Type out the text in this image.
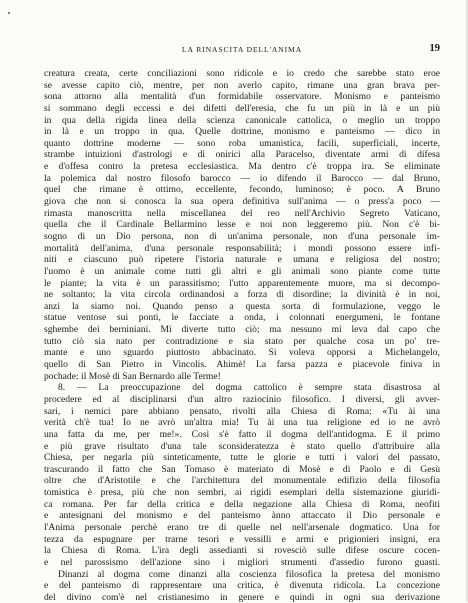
LA RINASCITA DELL'ANIMA	19
creatura creata, certe conciliazioni sono ridicole e io credo che sarebbe stato eroe
se avesse capito ciò, mentre, per non averlo capito, rimane una gran brava per-
sona attorno alla mentalità d'un formidabile osservatore. Monismo e panteismo
si sommano degli eccessi e dei difetti dell'eresia, che fu un più in là e un più
in qua della rigida linea della scienza canonicale cattolica, o meglio un troppo
in là e un troppo in qua. Quelle dottrine, monismo e panteismo — dico in
quanto dottrine moderne — sono roba umanistica, facili, superficiali, incerte,
strambe intuizioni d'astrologi e di onirici alla Paracelso, diventate armi di difesa
e d'offesa contro la pretesa ecclesiastica. Ma dentro c'è troppa ira. Se eliminate
la polemica dal nostro filosofo barocco — io difendo il Barocco — dal Bruno,
quel che rimane è ottimo, eccellente, fecondo, luminoso; è poco. A Bruno
giova che non si conosca la sua opera definitiva sull'anima — o press'a poco —
rimasta manoscritta nella miscellanea del reo nell'Archivio Segreto Vaticano,
quella che il Cardinale Bellarmino lesse e noi non leggeremo più. Non c'è bi-
sogno di un Dio persona, non di un'anima personale, non d'una personale im-
mortalità dell'anima, d'una personale responsabilità; i mondi possono essere infi-
niti e ciascuno può ripetere l'istoria naturale e umana e religiosa del nostro;
l'uomo è un animale come tutti gli altri e gli animali sono piante come tutte
le piante; la vita è un parassitismo; l'utto apparentemente muore, ma si decompo-
ne soltanto; la vita circola ordinandosi a forza di disordine; la divinità è in noi,
anzi la siamo noi. Quando penso a questa sorta di formulazione, veggo le
statue ventose sui ponti, le facciate a onda, i colonnati energumeni, le fontane
sghembe dei berniniani. Mi diverte tutto ciò; ma nessuno mi leva dal capo che
tutto ciò sia nato per contradizione e sia stato per qualche cosa un po' tre-
mante e uno sguardo piuttosto abbacinato. Si voleva opporsi a Michelangelo,
quello di San Pietro in Vincolis. Ahimè! La farsa pazza e piacevole finiva in
pochade: il Mosè di San Bernardo alle Terme!
8. — La preoccupazione del dogma cattolico è sempre stata disastrosa al
procedere ed al disciplinarsi d'un altro raziocinio filosofico. I diversi, gli avver-
sari, i nemici pare abbiano pensato, rivolti alla Chiesa di Roma: «Tu ài una
verità ch'è tua! Io ne avrò un'altra mia! Tu ài una tua religione ed io ne avrò
una fatta da me, per me!». Così s'è fatto il dogma dell'antidogma. E il primo
e più grave risultato d'una tale sconsideratezza è stato quello d'attribuire alla
Chiesa, per negarla più sinteticamente, tutte le glorie e tutti i valori del passato,
trascurando il fatto che San Tomaso è materiato di Mosè e di Paolo e di Gesù
oltre che d'Aristotile e che l'architettura del monumentale edifizio della filosofia
tomistica è presa, più che non sembri, ai rigidi esemplari della sistemazione giuridi-
ca romana. Per far della critica e della negazione alla Chiesa di Roma, neofiti
e antesignani del monismo e del panteismo ànno attaccato il Dio personale e
l'Anima personale perchè erano tre di quelle nel nell'arsenale dogmatico. Una for
tezza da espugnare per trarne tesori e vessilli e armi e prigionieri insigni, era
la Chiesa di Roma. L'ira degli assedianti si rovesciò sulle difese oscure cocen-
e nel parossismo dell'azione sino i migliori strumenti d'assedio furono guasti.
Dinanzi al dogma come dinanzi alla coscienza filosofica la pretesa del monismo
e del panteismo di rappresentare una critica, è divenuta ridicola. La concezione
del divino com'è nel cristianesimo in genere e quindi in ogni sua derivazione
